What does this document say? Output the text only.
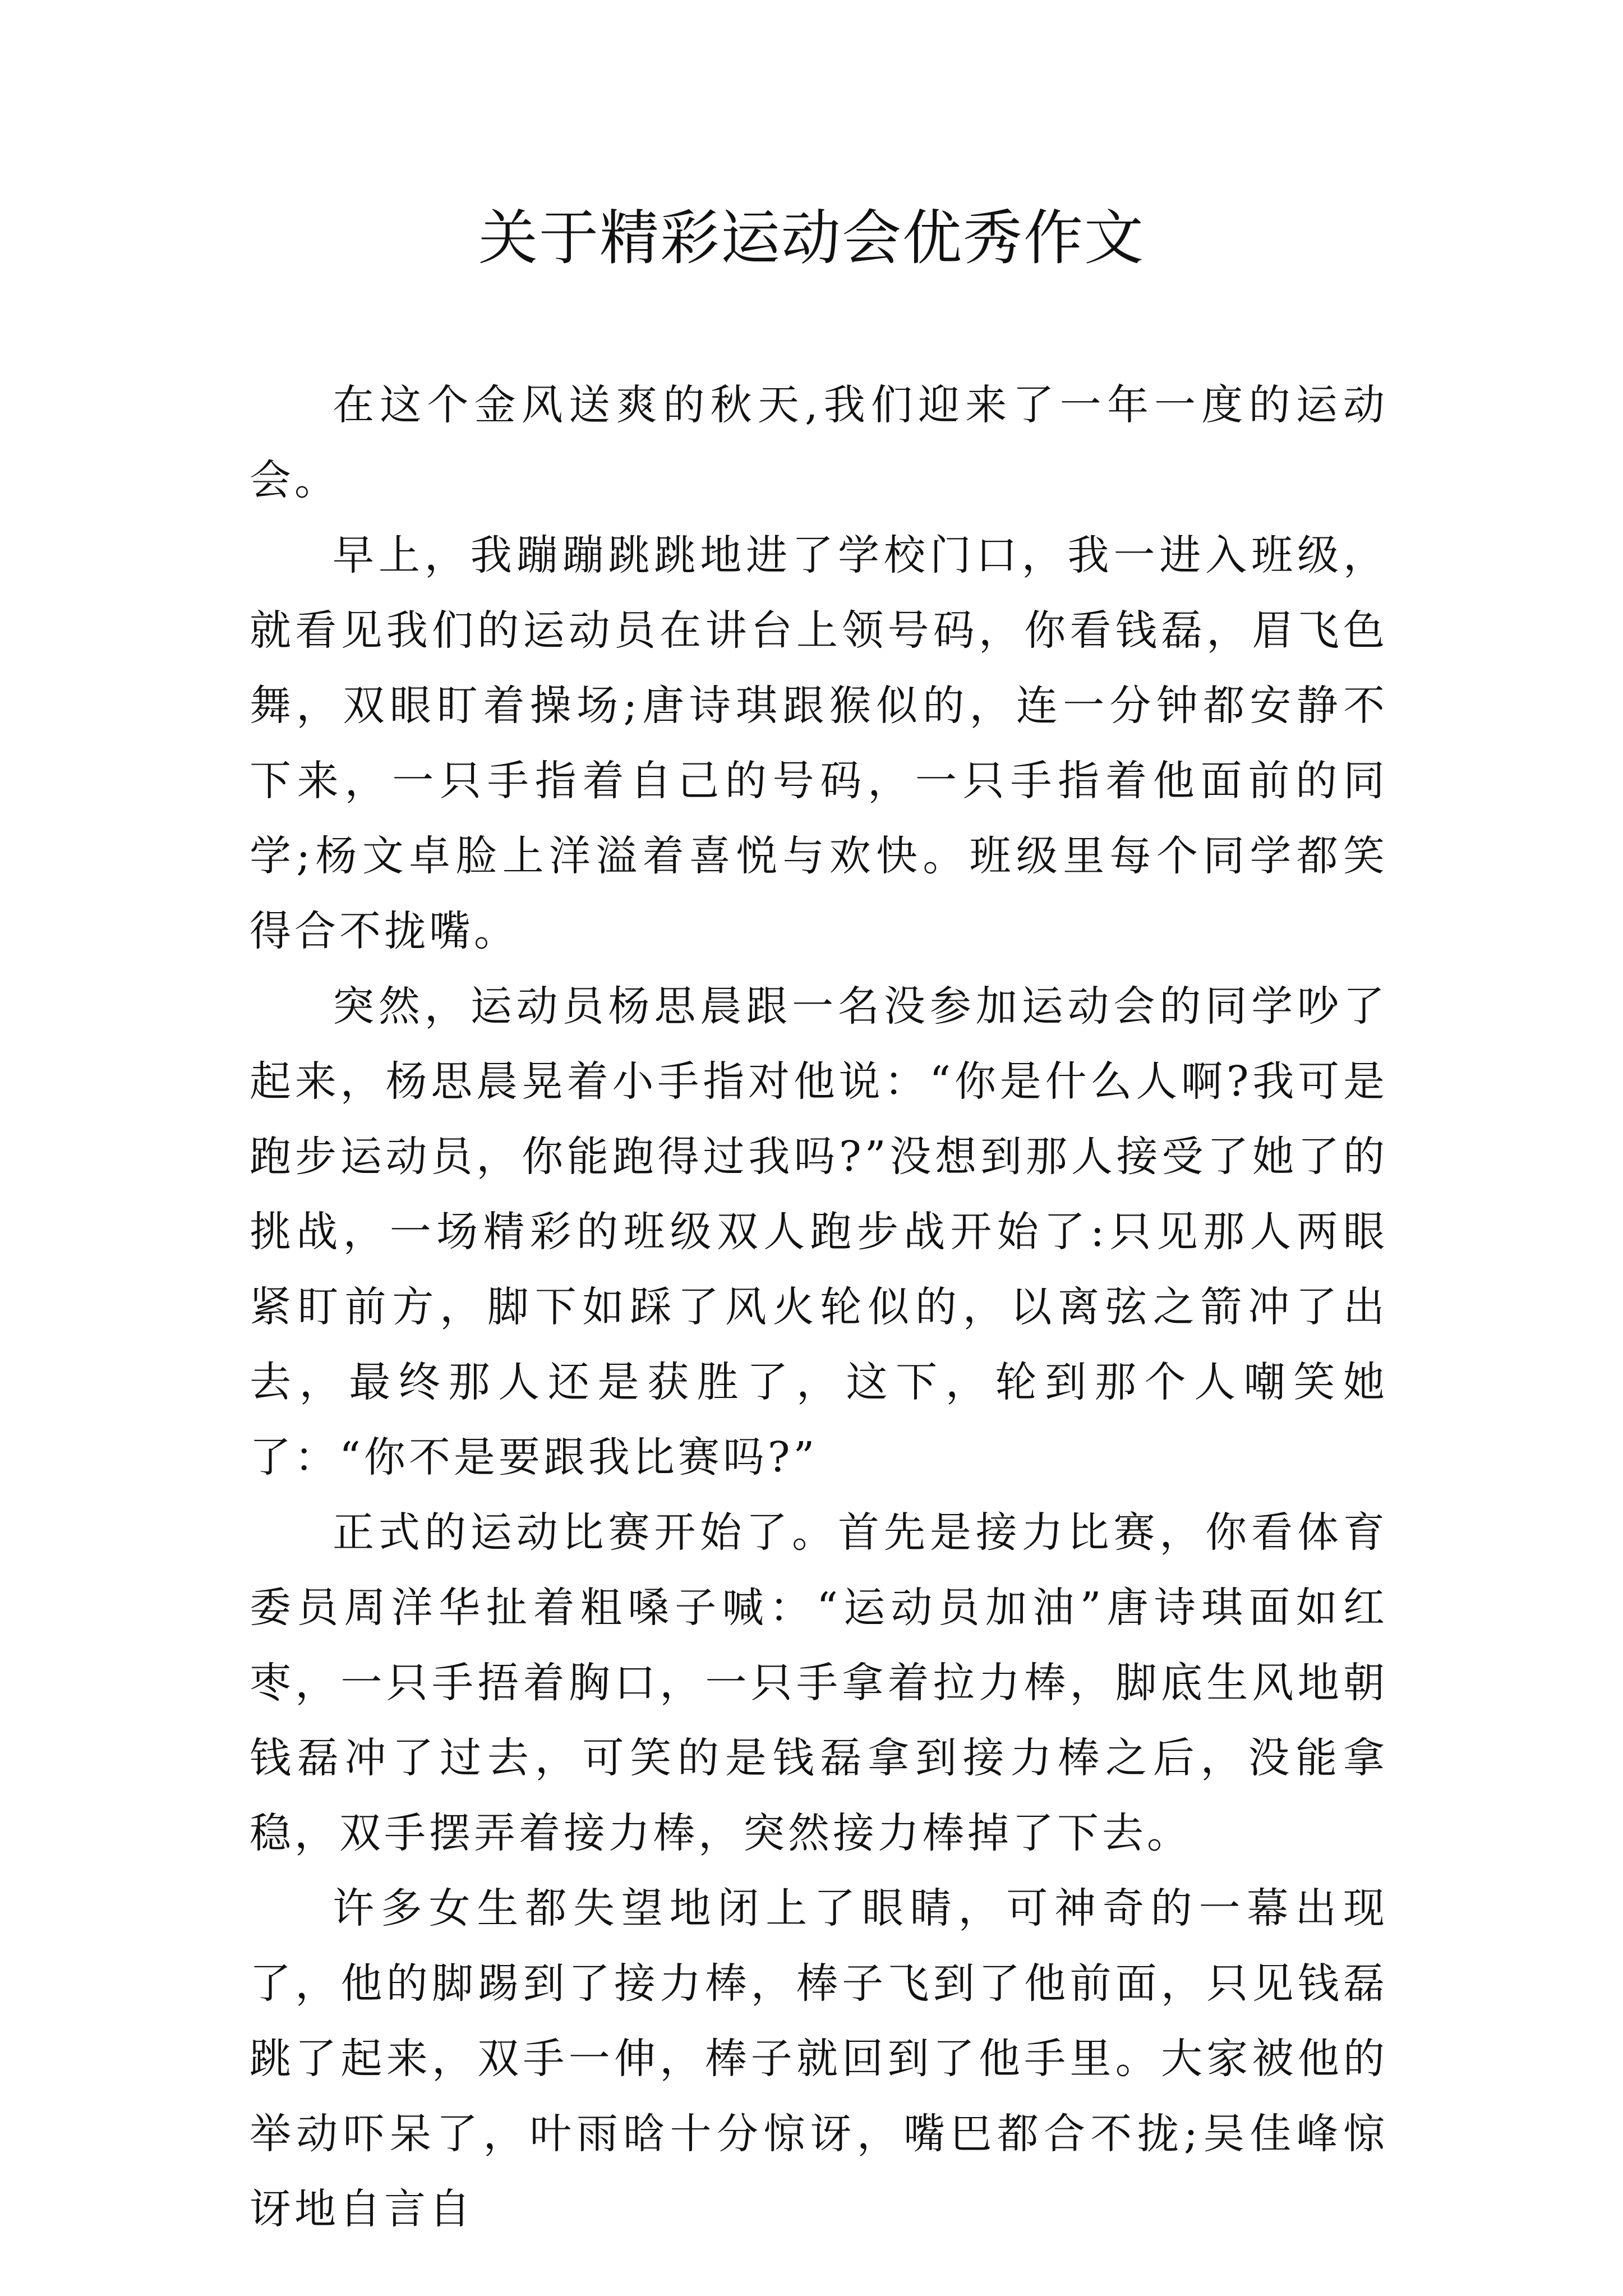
关于精彩运动会优秀作文

在这个金风送爽的秋天,我们迎来了一年一度的运动会。

早上，我蹦蹦跳跳地进了学校门口，我一进入班级，就看见我们的运动员在讲台上领号码，你看钱磊，眉飞色舞，双眼盯着操场;唐诗琪跟猴似的，连一分钟都安静不下来，一只手指着自己的号码，一只手指着他面前的同学;杨文卓脸上洋溢着喜悦与欢快。班级里每个同学都笑得合不拢嘴。

突然，运动员杨思晨跟一名没参加运动会的同学吵了起来，杨思晨晃着小手指对他说：“你是什么人啊?我可是跑步运动员，你能跑得过我吗?”没想到那人接受了她了的挑战，一场精彩的班级双人跑步战开始了:只见那人两眼紧盯前方，脚下如踩了风火轮似的，以离弦之箭冲了出去，最终那人还是获胜了，这下，轮到那个人嘲笑她了：“你不是要跟我比赛吗?”

正式的运动比赛开始了。首先是接力比赛，你看体育委员周洋华扯着粗嗓子喊：“运动员加油”唐诗琪面如红枣，一只手捂着胸口，一只手拿着拉力棒，脚底生风地朝钱磊冲了过去，可笑的是钱磊拿到接力棒之后，没能拿稳，双手摆弄着接力棒，突然接力棒掉了下去。

许多女生都失望地闭上了眼睛，可神奇的一幕出现了，他的脚踢到了接力棒，棒子飞到了他前面，只见钱磊跳了起来，双手一伸，棒子就回到了他手里。大家被他的举动吓呆了，叶雨晗十分惊讶，嘴巴都合不拢;吴佳峰惊讶地自言自
